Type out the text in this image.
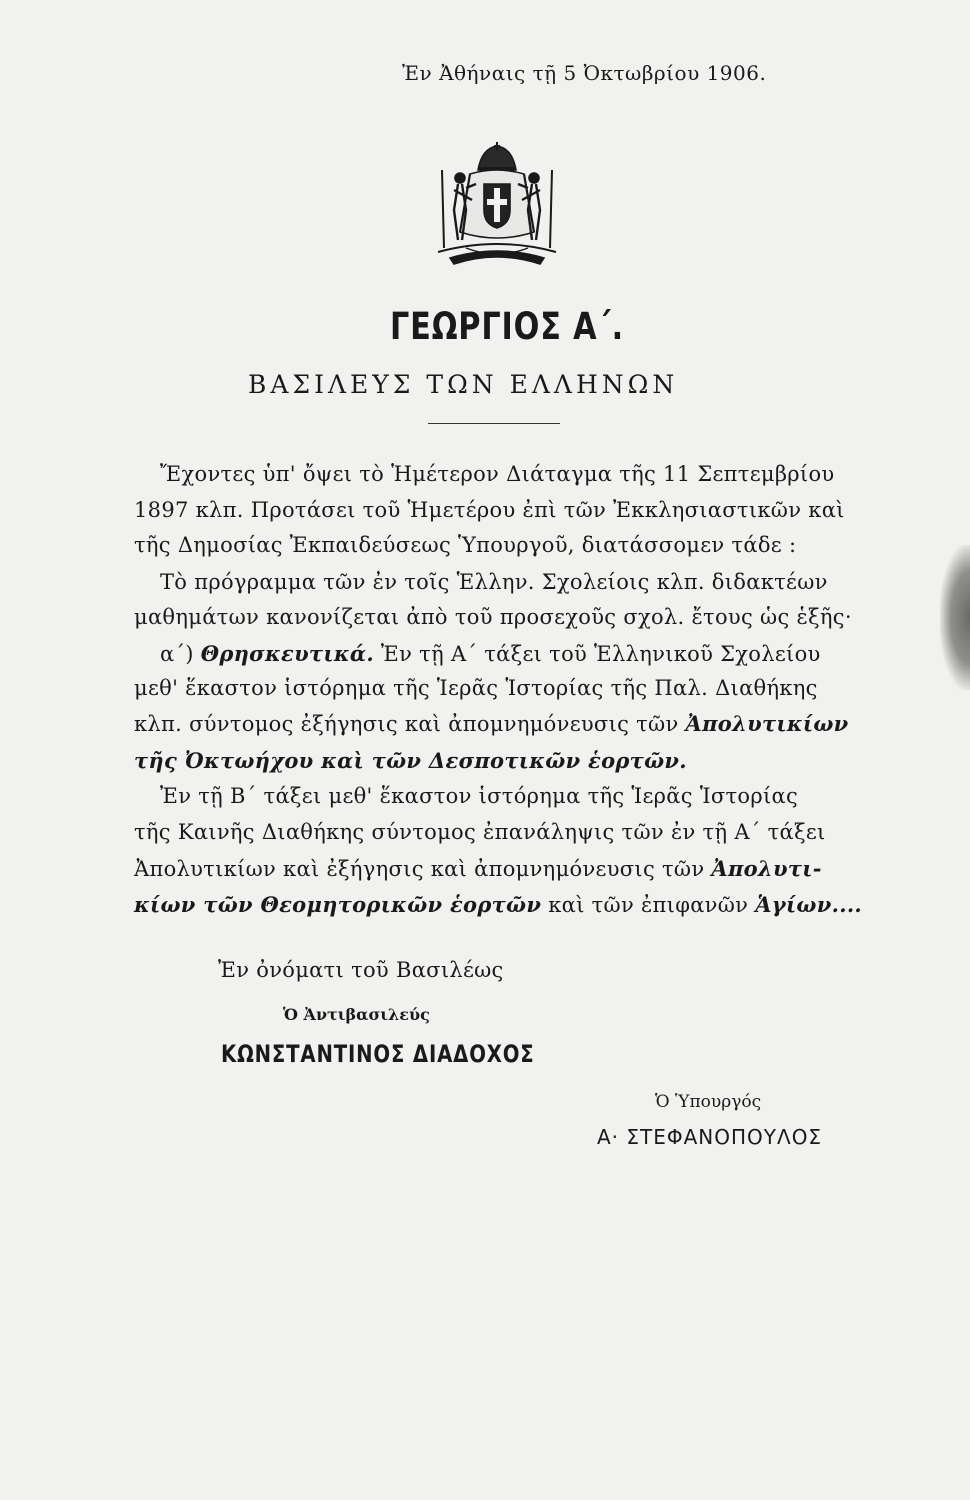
Ἐν Ἀθήναις τῇ 5 Ὀκτωβρίου 1906.
ΓΕΩΡΓΙΟΣ Α΄.
ΒΑΣΙΛΕΥΣ ΤΩΝ ΕΛΛΗΝΩΝ
Ἔχοντες ὑπ' ὄψει τὸ Ἡμέτερον Διάταγμα τῆς 11 Σεπτεμβρίου
1897 κλπ. Προτάσει τοῦ Ἡμετέρου ἐπὶ τῶν Ἐκκλησιαστικῶν καὶ
τῆς Δημοσίας Ἐκπαιδεύσεως Ὑπουργοῦ, διατάσσομεν τάδε :
Τὸ πρόγραμμα τῶν ἐν τοῖς Ἑλλην. Σχολείοις κλπ. διδακτέων
μαθημάτων κανονίζεται ἀπὸ τοῦ προσεχοῦς σχολ. ἔτους ὡς ἑξῆς·
α΄) Θρησκευτικά. Ἐν τῇ Α΄ τάξει τοῦ Ἑλληνικοῦ Σχολείου
μεθ' ἕκαστον ἱστόρημα τῆς Ἱερᾶς Ἱστορίας τῆς Παλ. Διαθήκης
κλπ. σύντομος ἐξήγησις καὶ ἀπομνημόνευσις τῶν Ἀπολυτικίων
τῆς Ὀκτωήχου καὶ τῶν Δεσποτικῶν ἑορτῶν.
Ἐν τῇ Β΄ τάξει μεθ' ἕκαστον ἱστόρημα τῆς Ἱερᾶς Ἱστορίας
τῆς Καινῆς Διαθήκης σύντομος ἐπανάληψις τῶν ἐν τῇ Α΄ τάξει
Ἀπολυτικίων καὶ ἐξήγησις καὶ ἀπομνημόνευσις τῶν Ἀπολυτι-
κίων τῶν Θεομητορικῶν ἑορτῶν καὶ τῶν ἐπιφανῶν Ἁγίων....
Ἐν ὀνόματι τοῦ Βασιλέως
Ὁ Ἀντιβασιλεύς
ΚΩΝΣΤΑΝΤΙΝΟΣ ΔΙΑΔΟΧΟΣ
Ὁ Ὑπουργός
Α· ΣΤΕΦΑΝΟΠΟΥΛΟΣ
